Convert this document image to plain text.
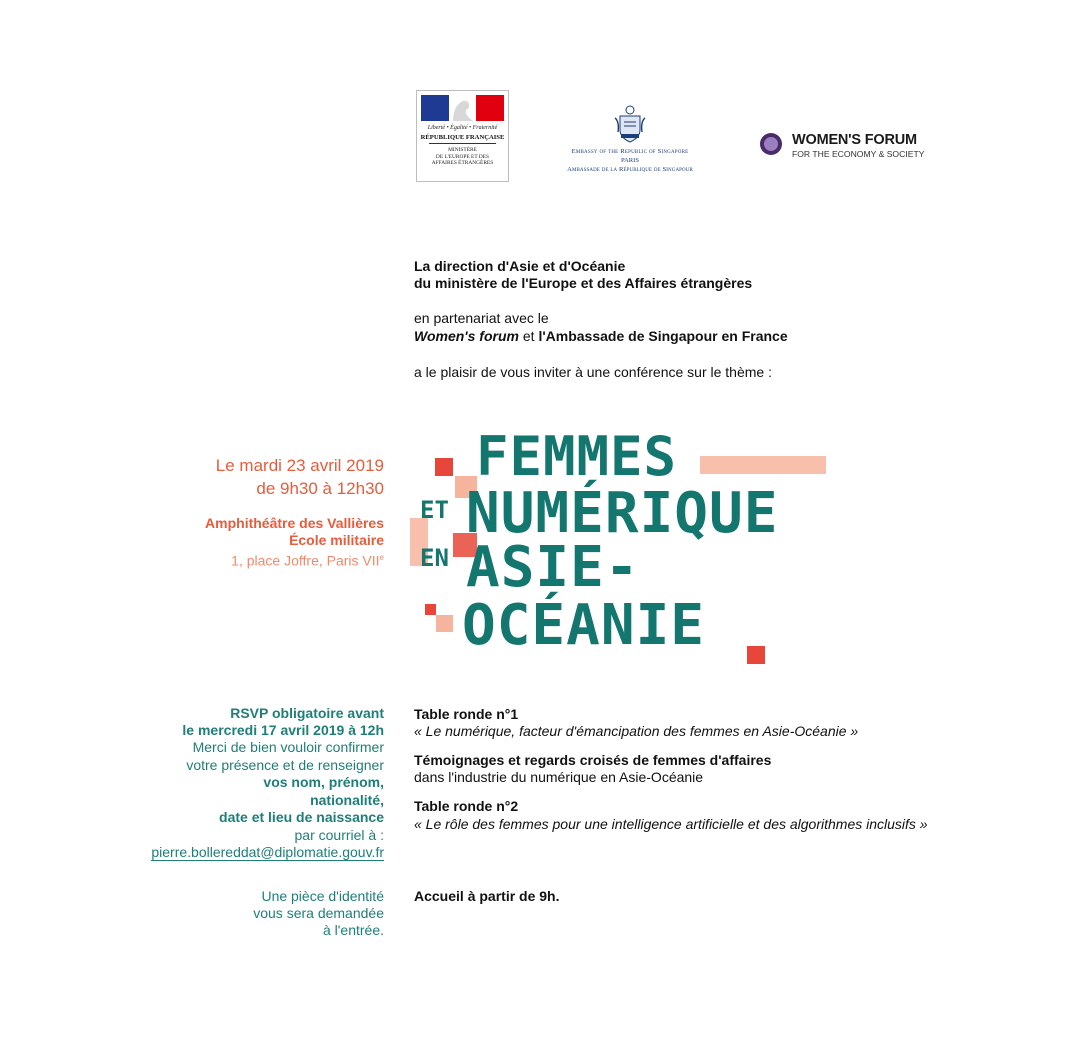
Liberté • Égalité • Fraternité
RÉPUBLIQUE FRANÇAISE
MINISTÈRE
DE L'EUROPE ET DES
AFFAIRES ÉTRANGÈRES
Embassy of the Republic of Singapore
PARIS
Ambassade de la République de Singapour
WOMEN'S FORUM
FOR THE ECONOMY & SOCIETY
La direction d'Asie et d'Océanie
du ministère de l'Europe et des Affaires étrangères
en partenariat avec le
Women's forum et l'Ambassade de Singapour en France
a le plaisir de vous inviter à une conférence sur le thème :
Le mardi 23 avril 2019
de 9h30 à 12h30
Amphithéâtre des Vallières
École militaire
1, place Joffre, Paris VIIe
FEMMES
ET NUMÉRIQUE
EN ASIE-
OCÉANIE
RSVP obligatoire avant
le mercredi 17 avril 2019 à 12h
Merci de bien vouloir confirmer
votre présence et de renseigner
vos nom, prénom,
nationalité,
date et lieu de naissance
par courriel à :
pierre.bollereddat@diplomatie.gouv.fr
Une pièce d'identité
vous sera demandée
à l'entrée.
Table ronde n°1
« Le numérique, facteur d'émancipation des femmes en Asie-Océanie »
Témoignages et regards croisés de femmes d'affaires
dans l'industrie du numérique en Asie-Océanie
Table ronde n°2
« Le rôle des femmes pour une intelligence artificielle et des algorithmes inclusifs »
Accueil à partir de 9h.
